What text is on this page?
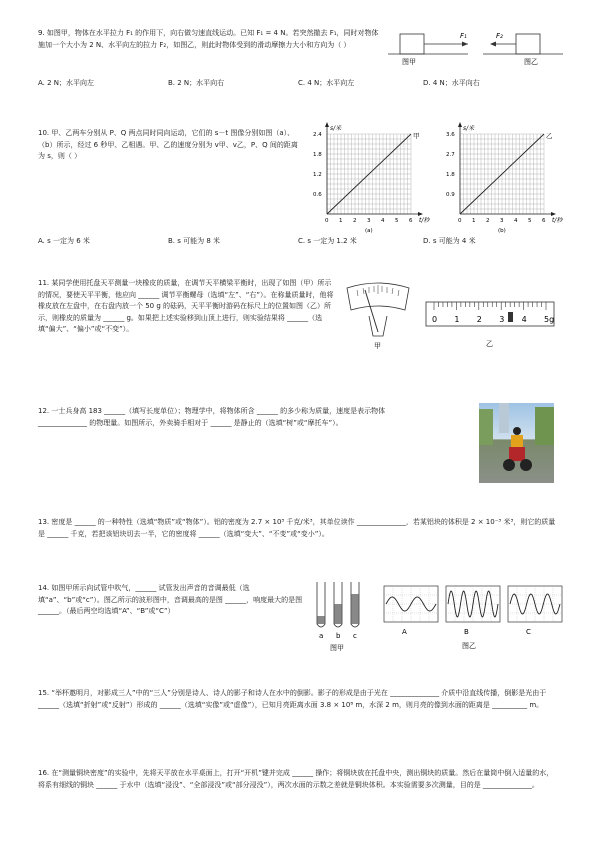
9. 如图甲，物体在水平拉力 F₁ 的作用下，向右做匀速直线运动。已知 F₁ = 4 N。若突然撤去 F₁，同时对物体施加一个大小为 2 N、水平向左的拉力 F₂，如图乙，则此时物体受到的滑动摩擦力大小和方向为（ ）
F₁
图甲
F₂
图乙
A. 2 N；水平向左	B. 2 N；水平向右	C. 4 N；水平向左	D. 4 N；水平向右
10. 甲、乙两车分别从 P、Q 两点同时同向运动，它们的 s－t 图像分别如图（a）、（b）所示，经过 6 秒甲、乙相遇。甲、乙的速度分别为 v甲、v乙，P、Q 间的距离为 s，则（ ）
0 1 2 3 4 5 6
0.6
1.2
1.8
2.4
s/米
t/秒
甲
(a)
0 1 2 3 4 5 6
0.9
1.8
2.7
3.6
s/米
t/秒
乙
(b)
A. s 一定为 6 米	B. s 可能为 8 米	C. s 一定为 1.2 米	D. s 可能为 4 米
11. 某同学使用托盘天平测量一块橡皮的质量，在调节天平横梁平衡时，出现了如图（甲）所示的情况，要使天平平衡，他应向 ______ 调节平衡螺母（选填“左”、“右”）。在称量质量时，他将橡皮放在左盘中，在右盘内放一个 50 g 的砝码，天平平衡时游码在标尺上的位置如图（乙）所示，则橡皮的质量为 ______ g。如果把上述实验移到山顶上进行，则实验结果将 ______（选填“偏大”、“偏小”或“不变”）。
甲
0 1 2 3 4 5g
乙
12. 一士兵身高 183 ______（填写长度单位）；物理学中，将物体所含 ______ 的多少称为质量，速度是表示物体 ______________ 的物理量。如图所示，外卖骑手相对于 ______ 是静止的（选填“树”或“摩托车”）。
13. 密度是 ______ 的一种特性（选填“物质”或“物体”）。铝的密度为 2.7 × 10³ 千克/米³，其单位读作 ______________，若某铝块的体积是 2 × 10⁻³ 米³，则它的质量是 ______ 千克，若把该铝块切去一半，它的密度将 ______（选填“变大”、“不变”或“变小”）。
14. 如图甲所示向试管中吹气，______ 试管发出声音的音调最低（选填“a”、“b”或“c”）。图乙所示的波形图中，音调最高的是图 ______，响度最大的是图 ______。（最后两空均选填“A”、“B”或“C”）
a b c
图甲
A	B	C
图乙
15. “举杯邀明月，对影成三人”中的“三人”分别是诗人、诗人的影子和诗人在水中的倒影。影子的形成是由于光在 ______________ 介质中沿直线传播，倒影是光由于 ______（选填“折射”或“反射”）形成的 ______（选填“实像”或“虚像”），已知月亮距离水面 3.8 × 10⁸ m，水深 2 m，则月亮的像到水面的距离是 __________ m。
16. 在“测量铜块密度”的实验中，先将天平放在水平桌面上，打开“开机”键并完成 ______ 操作；将铜块放在托盘中央，测出铜块的质量。然后在量筒中倒入适量的水，将系有细线的铜块 ______ 于水中（选填“浸没”、“全部浸没”或“部分浸没”），两次水面的示数之差就是铜块体积。本实验需要多次测量，目的是 ______________。
